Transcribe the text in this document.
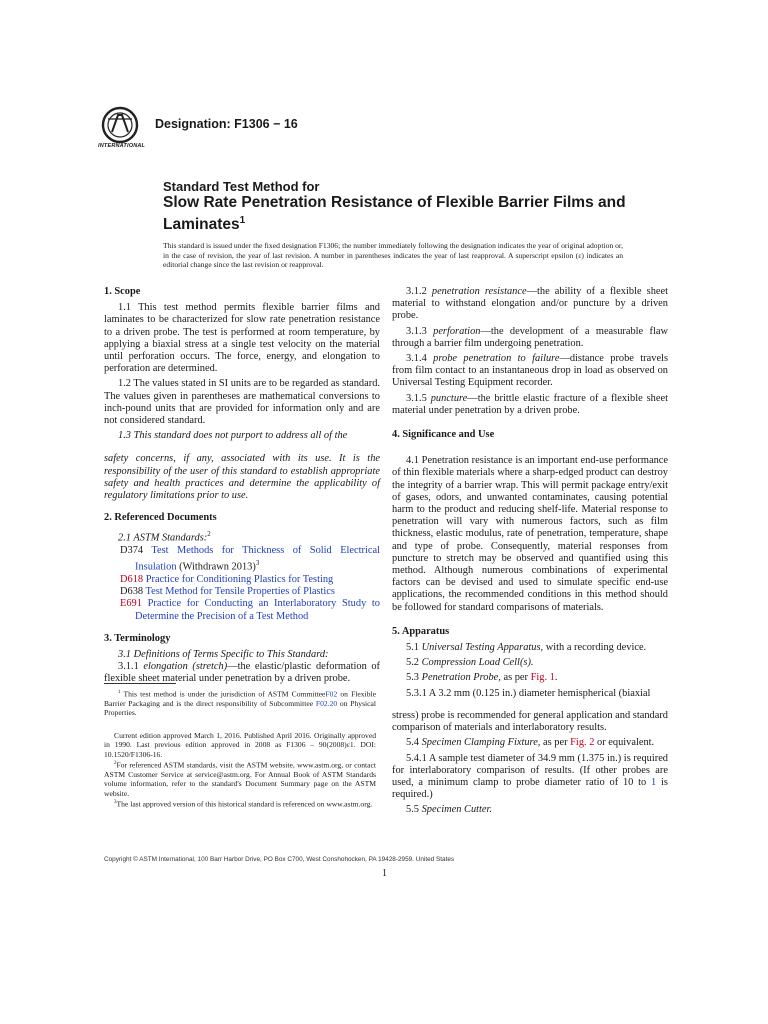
INTERNATIONAL
Designation: F1306 − 16
Standard Test Method for
Slow Rate Penetration Resistance of Flexible Barrier Films and Laminates$^1$
This standard is issued under the fixed designation F1306; the number immediately following the designation indicates the year of original adoption or, in the case of revision, the year of last revision. A number in parentheses indicates the year of last reapproval. A superscript epsilon (ε) indicates an editorial change since the last revision or reapproval.
1. Scope

1.1 This test method permits flexible barrier films and laminates to be characterized for slow rate penetration resistance to a driven probe. The test is performed at room temperature, by applying a biaxial stress at a single test velocity on the material until perforation occurs. The force, energy, and elongation to perforation are determined.

1.2 The values stated in SI units are to be regarded as standard. The values given in parentheses are mathematical conversions to inch-pound units that are provided for information only and are not considered standard.

1.3 This standard does not purport to address all of the

safety concerns, if any, associated with its use. It is the responsibility of the user of this standard to establish appropriate safety and health practices and determine the applicability of regulatory limitations prior to use.

2. Referenced Documents

2.1 ASTM Standards:$^2$

D374 Test Methods for Thickness of Solid Electrical Insulation (Withdrawn 2013)$^3$

D618 Practice for Conditioning Plastics for Testing

D638 Test Method for Tensile Properties of Plastics

E691 Practice for Conducting an Interlaboratory Study to Determine the Precision of a Test Method

3. Terminology

3.1 Definitions of Terms Specific to This Standard:

3.1.1 elongation (stretch)—the elastic/plastic deformation of flexible sheet material under penetration by a driven probe.

$^1$ This test method is under the jurisdiction of ASTM CommitteeF02 on Flexible Barrier Packaging and is the direct responsibility of Subcommittee F02.20 on Physical Properties.

Current edition approved March 1, 2016. Published April 2016. Originally approved in 1990. Last previous edition approved in 2008 as F1306 – 90(2008)ε1. DOI: 10.1520/F1306-16.

$^2$For referenced ASTM standards, visit the ASTM website, www.astm.org, or contact ASTM Customer Service at service@astm.org. For Annual Book of ASTM Standards volume information, refer to the standard's Document Summary page on the ASTM website.

$^3$The last approved version of this historical standard is referenced on www.astm.org.

3.1.2 penetration resistance—the ability of a flexible sheet material to withstand elongation and/or puncture by a driven probe.

3.1.3 perforation—the development of a measurable flaw through a barrier film undergoing penetration.

3.1.4 probe penetration to failure—distance probe travels from film contact to an instantaneous drop in load as observed on Universal Testing Equipment recorder.

3.1.5 puncture—the brittle elastic fracture of a flexible sheet material under penetration by a driven probe.

4. Significance and Use

4.1 Penetration resistance is an important end-use performance of thin flexible materials where a sharp-edged product can destroy the integrity of a barrier wrap. This will permit package entry/exit of gases, odors, and unwanted contaminates, causing potential harm to the product and reducing shelf-life. Material response to penetration will vary with numerous factors, such as film thickness, elastic modulus, rate of penetration, temperature, shape and type of probe. Consequently, material responses from puncture to stretch may be observed and quantified using this method. Although numerous combinations of experimental factors can be devised and used to simulate specific end-use applications, the recommended conditions in this method should be followed for standard comparisons of materials.

5. Apparatus

5.1 Universal Testing Apparatus, with a recording device.

5.2 Compression Load Cell(s).

5.3 Penetration Probe, as per Fig. 1.

5.3.1 A 3.2 mm (0.125 in.) diameter hemispherical (biaxial

stress) probe is recommended for general application and standard comparison of materials and interlaboratory results.

5.4 Specimen Clamping Fixture, as per Fig. 2 or equivalent.

5.4.1 A sample test diameter of 34.9 mm (1.375 in.) is required for interlaboratory comparison of results. (If other probes are used, a minimum clamp to probe diameter ratio of 10 to 1 is required.)

5.5 Specimen Cutter.

Copyright © ASTM International, 100 Barr Harbor Drive, PO Box C700, West Conshohocken, PA 19428-2959. United States
1
